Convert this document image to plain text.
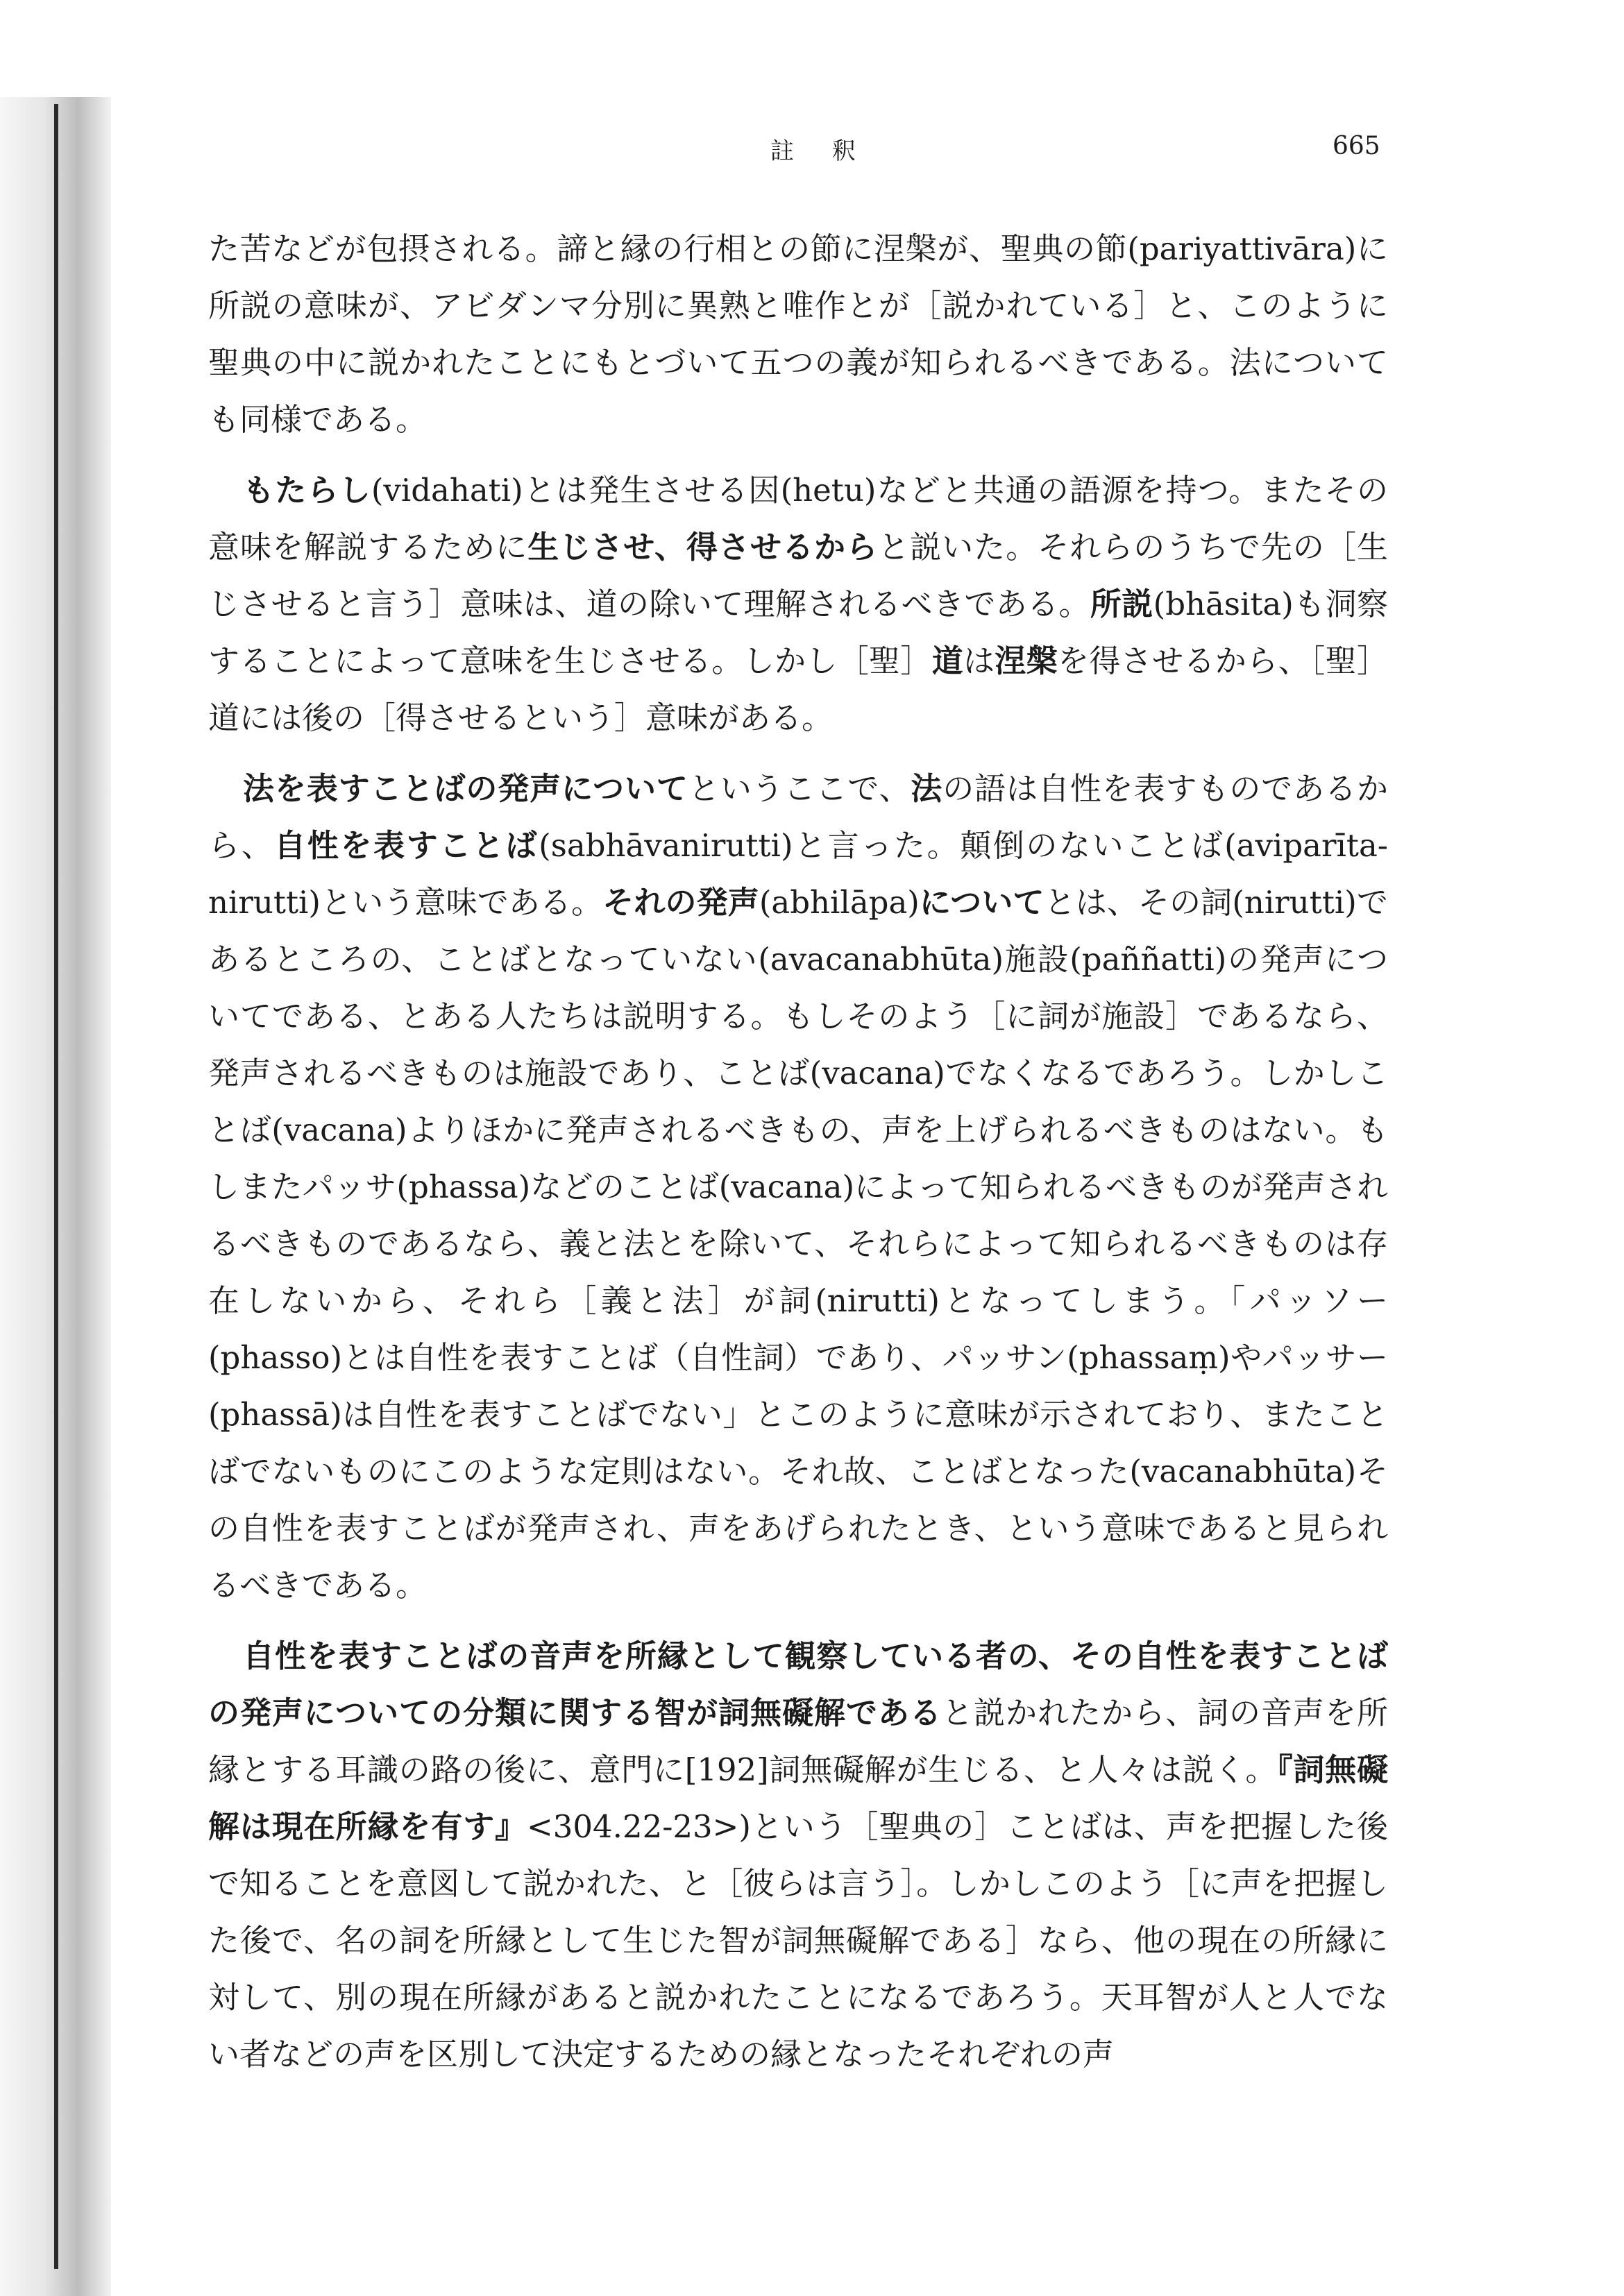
註 釈	665

た苦などが包摂される。諦と縁の行相との節に涅槃が、聖典の節(pariyattivāra)に所説の意味が、アビダンマ分別に異熟と唯作とが［説かれている］と、このように聖典の中に説かれたことにもとづいて五つの義が知られるべきである。法についても同様である。

もたらし(vidahati)とは発生させる因(hetu)などと共通の語源を持つ。またその意味を解説するために生じさせ、得させるからと説いた。それらのうちで先の［生じさせると言う］意味は、道の除いて理解されるべきである。所説(bhāsita)も洞察することによって意味を生じさせる。しかし［聖］道は涅槃を得させるから、［聖］道には後の［得させるという］意味がある。

法を表すことばの発声についてというここで、法の語は自性を表すものであるから、自性を表すことば(sabhāvanirutti)と言った。顛倒のないことば(aviparīta-nirutti)という意味である。それの発声(abhilāpa)についてとは、その詞(nirutti)であるところの、ことばとなっていない(avacanabhūta)施設(paññatti)の発声についてである、とある人たちは説明する。もしそのよう［に詞が施設］であるなら、発声されるべきものは施設であり、ことば(vacana)でなくなるであろう。しかしことば(vacana)よりほかに発声されるべきもの、声を上げられるべきものはない。もしまたパッサ(phassa)などのことば(vacana)によって知られるべきものが発声されるべきものであるなら、義と法とを除いて、それらによって知られるべきものは存在しないから、それら［義と法］が詞(nirutti)となってしまう。「パッソー(phasso)とは自性を表すことば（自性詞）であり、パッサン(phassaṃ)やパッサー(phassā)は自性を表すことばでない」とこのように意味が示されており、またことばでないものにこのような定則はない。それ故、ことばとなった(vacanabhūta)その自性を表すことばが発声され、声をあげられたとき、という意味であると見られるべきである。

自性を表すことばの音声を所縁として観察している者の、その自性を表すことばの発声についての分類に関する智が詞無礙解であると説かれたから、詞の音声を所縁とする耳識の路の後に、意門に[192]詞無礙解が生じる、と人々は説く。『詞無礙解は現在所縁を有す』<304.22-23>)という［聖典の］ことばは、声を把握した後で知ることを意図して説かれた、と［彼らは言う］。しかしこのよう［に声を把握した後で、名の詞を所縁として生じた智が詞無礙解である］なら、他の現在の所縁に対して、別の現在所縁があると説かれたことになるであろう。天耳智が人と人でない者などの声を区別して決定するための縁となったそれぞれの声
